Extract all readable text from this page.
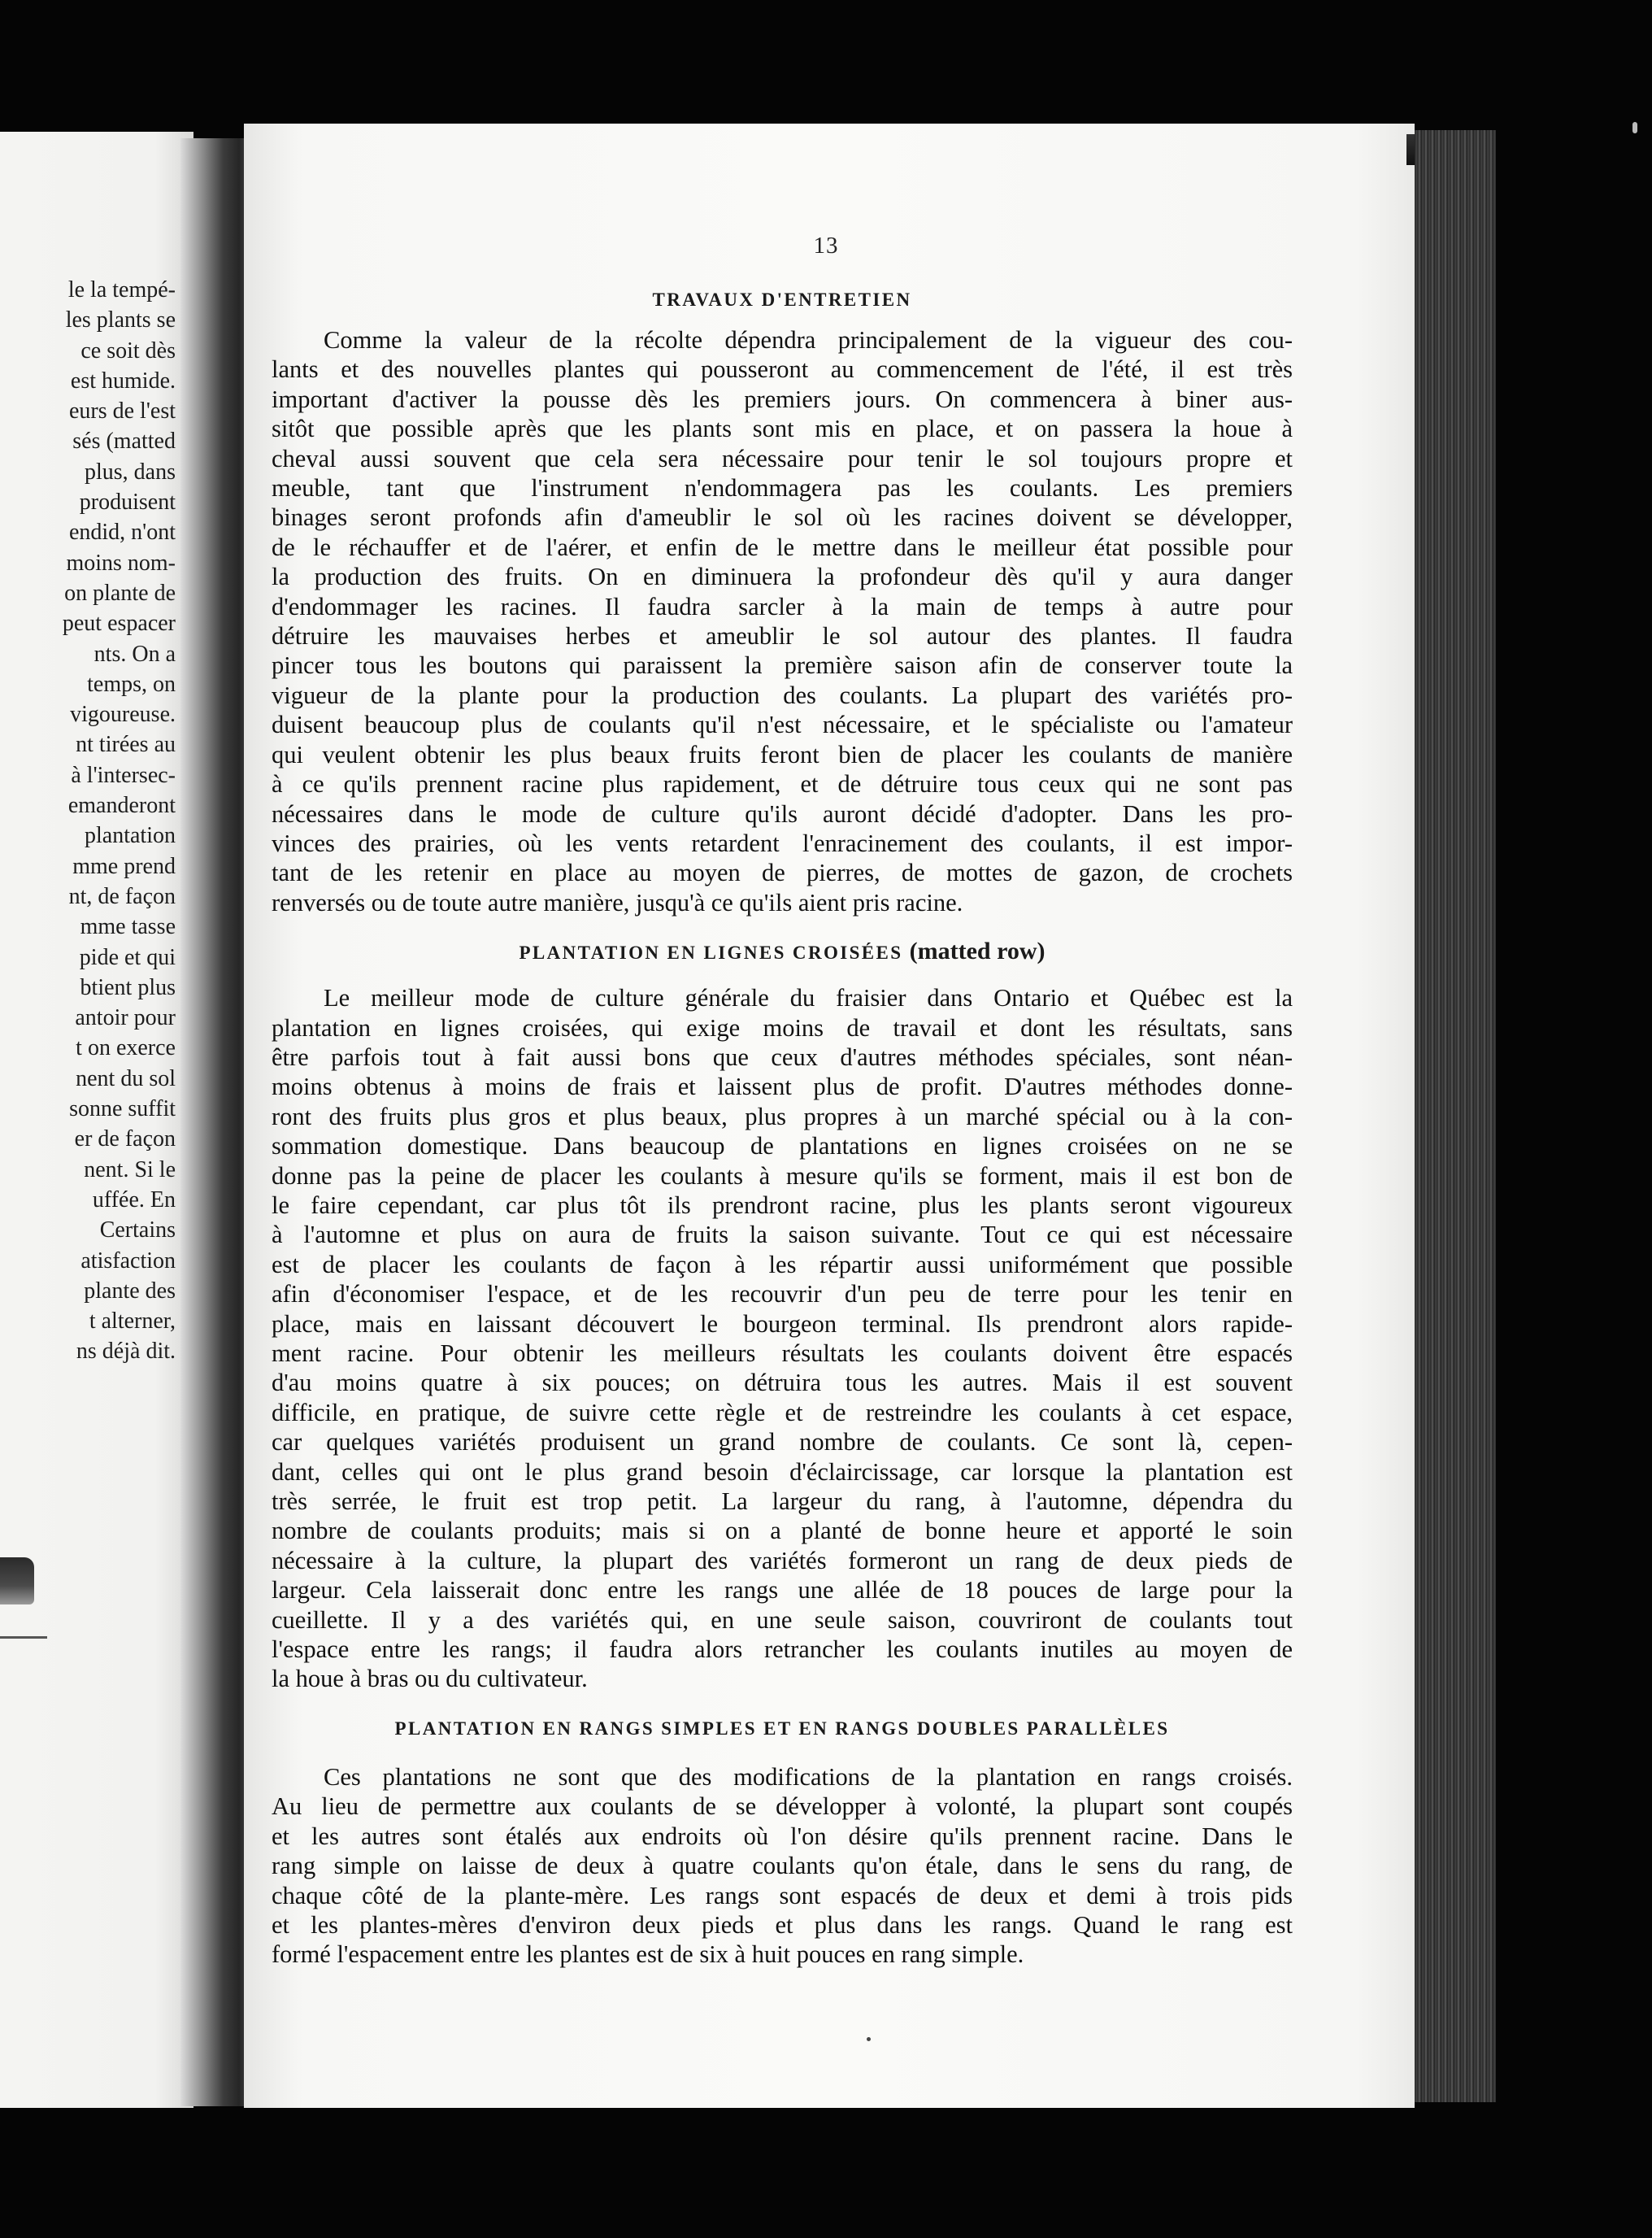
le la tempé-
les plants se
ce soit dès
est humide.
eurs de l'est
sés (matted
plus, dans
produisent
endid, n'ont
moins nom-
on plante de
peut espacer
nts. On a
temps, on
vigoureuse.
nt tirées au
à l'intersec-
emanderont
plantation
mme prend
nt, de façon
mme tasse
pide et qui
btient plus
antoir pour
t on exerce
nent du sol
sonne suffit
er de façon
nent. Si le
uffée. En
Certains
atisfaction
plante des
t alterner,
ns déjà dit.
13
TRAVAUX D'ENTRETIEN

Comme la valeur de la récolte dépendra principalement de la vigueur des cou-
lants et des nouvelles plantes qui pousseront au commencement de l'été, il est très
important d'activer la pousse dès les premiers jours. On commencera à biner aus-
sitôt que possible après que les plants sont mis en place, et on passera la houe à
cheval aussi souvent que cela sera nécessaire pour tenir le sol toujours propre et
meuble, tant que l'instrument n'endommagera pas les coulants. Les premiers
binages seront profonds afin d'ameublir le sol où les racines doivent se développer,
de le réchauffer et de l'aérer, et enfin de le mettre dans le meilleur état possible pour
la production des fruits. On en diminuera la profondeur dès qu'il y aura danger
d'endommager les racines. Il faudra sarcler à la main de temps à autre pour
détruire les mauvaises herbes et ameublir le sol autour des plantes. Il faudra
pincer tous les boutons qui paraissent la première saison afin de conserver toute la
vigueur de la plante pour la production des coulants. La plupart des variétés pro-
duisent beaucoup plus de coulants qu'il n'est nécessaire, et le spécialiste ou l'amateur
qui veulent obtenir les plus beaux fruits feront bien de placer les coulants de manière
à ce qu'ils prennent racine plus rapidement, et de détruire tous ceux qui ne sont pas
nécessaires dans le mode de culture qu'ils auront décidé d'adopter. Dans les pro-
vinces des prairies, où les vents retardent l'enracinement des coulants, il est impor-
tant de les retenir en place au moyen de pierres, de mottes de gazon, de crochets
renversés ou de toute autre manière, jusqu'à ce qu'ils aient pris racine.

PLANTATION EN LIGNES CROISÉES (matted row)

Le meilleur mode de culture générale du fraisier dans Ontario et Québec est la
plantation en lignes croisées, qui exige moins de travail et dont les résultats, sans
être parfois tout à fait aussi bons que ceux d'autres méthodes spéciales, sont néan-
moins obtenus à moins de frais et laissent plus de profit. D'autres méthodes donne-
ront des fruits plus gros et plus beaux, plus propres à un marché spécial ou à la con-
sommation domestique. Dans beaucoup de plantations en lignes croisées on ne se
donne pas la peine de placer les coulants à mesure qu'ils se forment, mais il est bon de
le faire cependant, car plus tôt ils prendront racine, plus les plants seront vigoureux
à l'automne et plus on aura de fruits la saison suivante. Tout ce qui est nécessaire
est de placer les coulants de façon à les répartir aussi uniformément que possible
afin d'économiser l'espace, et de les recouvrir d'un peu de terre pour les tenir en
place, mais en laissant découvert le bourgeon terminal. Ils prendront alors rapide-
ment racine. Pour obtenir les meilleurs résultats les coulants doivent être espacés
d'au moins quatre à six pouces; on détruira tous les autres. Mais il est souvent
difficile, en pratique, de suivre cette règle et de restreindre les coulants à cet espace,
car quelques variétés produisent un grand nombre de coulants. Ce sont là, cepen-
dant, celles qui ont le plus grand besoin d'éclaircissage, car lorsque la plantation est
très serrée, le fruit est trop petit. La largeur du rang, à l'automne, dépendra du
nombre de coulants produits; mais si on a planté de bonne heure et apporté le soin
nécessaire à la culture, la plupart des variétés formeront un rang de deux pieds de
largeur. Cela laisserait donc entre les rangs une allée de 18 pouces de large pour la
cueillette. Il y a des variétés qui, en une seule saison, couvriront de coulants tout
l'espace entre les rangs; il faudra alors retrancher les coulants inutiles au moyen de
la houe à bras ou du cultivateur.

PLANTATION EN RANGS SIMPLES ET EN RANGS DOUBLES PARALLÈLES

Ces plantations ne sont que des modifications de la plantation en rangs croisés.
Au lieu de permettre aux coulants de se développer à volonté, la plupart sont coupés
et les autres sont étalés aux endroits où l'on désire qu'ils prennent racine. Dans le
rang simple on laisse de deux à quatre coulants qu'on étale, dans le sens du rang, de
chaque côté de la plante-mère. Les rangs sont espacés de deux et demi à trois pids
et les plantes-mères d'environ deux pieds et plus dans les rangs. Quand le rang est
formé l'espacement entre les plantes est de six à huit pouces en rang simple.
